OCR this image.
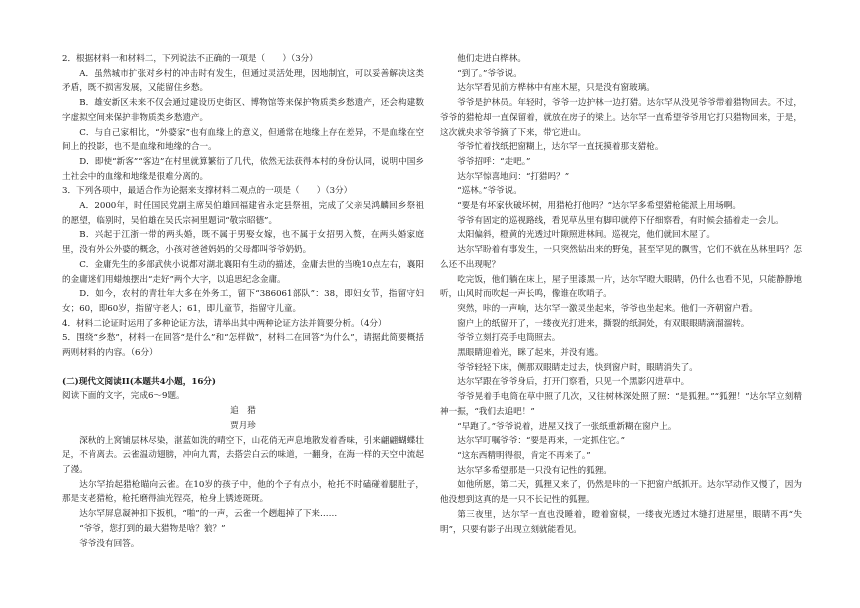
2．根据材料一和材料二，下列说法不正确的一项是（　　）（3分）

A．虽然城市扩张对乡村的冲击时有发生，但通过灵活处理，因地制宜，可以妥善解决这类矛盾，既不损害发展，又能留住乡愁。

B．雄安新区未来不仅会通过建设历史街区、博物馆等来保护物质类乡愁遗产，还会构建数字虚拟空间来保护非物质类乡愁遗产。

C．与自己家相比，“外婆家”也有血缘上的意义，但通常在地缘上存在差异，不是血缘在空间上的投影，也不是血缘和地缘的合一。

D．即使“新客”“客边”在村里就算繁衍了几代，依然无法获得本村的身份认同，说明中国乡土社会中的血缘和地缘是很难分离的。

3．下列各项中，最适合作为论据来支撑材料二观点的一项是（　　）（3分）

A．2000年，时任国民党副主席吴伯雄回福建省永定县祭祖，完成了父亲吴鸿麟回乡祭祖的愿望，临别时，吴伯雄在吴氏宗祠里题词“敬宗昭德”。

B．兴起于江浙一带的两头婚，既不属于男娶女嫁，也不属于女招男入赘，在两头婚家庭里，没有外公外婆的概念，小孩对爸爸妈妈的父母都叫爷爷奶奶。

C．金庸先生的多部武侠小说都对湖北襄阳有生动的描述，金庸去世的当晚10点左右，襄阳的金庸迷们用蜡烛摆出“走好”两个大字，以追思纪念金庸。

D．如今，农村的青壮年大多在外务工，留下“386061部队”：38，即妇女节，指留守妇女；60，即60岁，指留守老人；61，即儿童节，指留守儿童。

4．材料二论证时运用了多种论证方法，请举出其中两种论证方法并简要分析。（4分）

5．围绕“乡愁”，材料一在回答“是什么”和“怎样做”，材料二在回答“为什么”，请据此简要概括两则材料的内容。（6分）

(二)现代文阅读II(本题共4小题，16分)

阅读下面的文字，完成6～9题。

追　猎

贾月珍

深秋的上窝铺层林尽染，湛蓝如洗的晴空下，山花俏无声息地散发着香味，引来翩翩蝴蝶壮足，不肯离去。云雀温动翅膀，冲向九霄，去搭尝白云的味道，一翻身，在海一样的天空中流起了漫。

达尔罕抬起猎枪瞄向云雀。在10岁的孩子中，他的个子有点小，枪托不时磕碰着腿肚子，那是支老猎枪，枪托磨得油光锃亮，枪身上锈迹斑斑。

达尔罕屏息凝神扣下扳机，“啪”的一声，云雀一个趔趄掉了下来……

“爷爷，您打到的最大猎物是啥？狼？”

爷爷没有回答。

他们走进白桦林。

“到了。”爷爷说。

达尔罕看见前方桦林中有座木屋，只是没有窗玻璃。

爷爷是护林员。年轻时，爷爷一边护林一边打猎。达尔罕从没见爷爷带着猎物回去。不过，爷爷的猎枪却一直保留着，就放在房子的梁上。达尔罕一直希望爷爷用它打只猎物回来，于是，这次就央求爷爷摘了下来，带它进山。

爷爷忙着找纸把窗糊上，达尔罕一直抚摸着那支猎枪。

爷爷招呼：“走吧。”

达尔罕惊喜地问：“打猎吗？”

“巡林。”爷爷说。

“要是有坏家伙破坏树，用猎枪打他吗？”达尔罕多希望猎枪能派上用场啊。

爷爷有固定的巡视路线，看见草丛里有脚印就停下仔细察看，有时候会插着走一会儿。

太阳偏斜，橙黄的光透过叶隙照进林间。巡视完，他们就回木屋了。

达尔罕盼着有事发生，一只突然钻出来的野兔，甚至罕见的飘雪，它们不就在丛林里吗？怎么还不出现呢？

吃完饭，他们躺在床上，屋子里漆黑一片，达尔罕瞪大眼睛，仍什么也看不见，只能静静地听，山风时而吹起一声长鸣，像谁在吹哨子。

突然，咔的一声响，达尔罕一激灵坐起来，爷爷也坐起来。他们一齐朝窗户看。

窗户上的纸留开了，一缕夜光打进来，撕裂的纸洞处，有双眼眼睛滴溜溜转。

爷爷立刻打亮手电筒照去。

黑眼睛迎着光，眯了起来，并没有逃。

爷爷轻轻下床，侧那双眼睛走过去，快到窗户时，眼睛消失了。

达尔罕跟在爷爷身后，打开门察看，只见一个黑影闪进草中。

爷爷晃着手电筒在草中照了几次，又往树林深处照了照：“是狐狸。”“狐狸！”达尔罕立刻精神一振，“我们去追吧！”

“早跑了。”爷爷说着，进屋又找了一张纸重新糊在窗户上。

达尔罕叮嘱爷爷：“要是再来，一定抓住它。”

“这东西精明得很，肯定不再来了。”

达尔罕多希望那是一只没有记性的狐狸。

如他所愿，第二天，狐狸又来了，仍然是咔的一下把窗户纸抓开。达尔罕动作又慢了，因为他没想到这真的是一只不长记性的狐狸。

第三夜里，达尔罕一直也没睡着，瞪着窗棂，一缕夜光透过木缝打进屋里，眼睛不再“失明”，只要有影子出现立刻就能看见。
